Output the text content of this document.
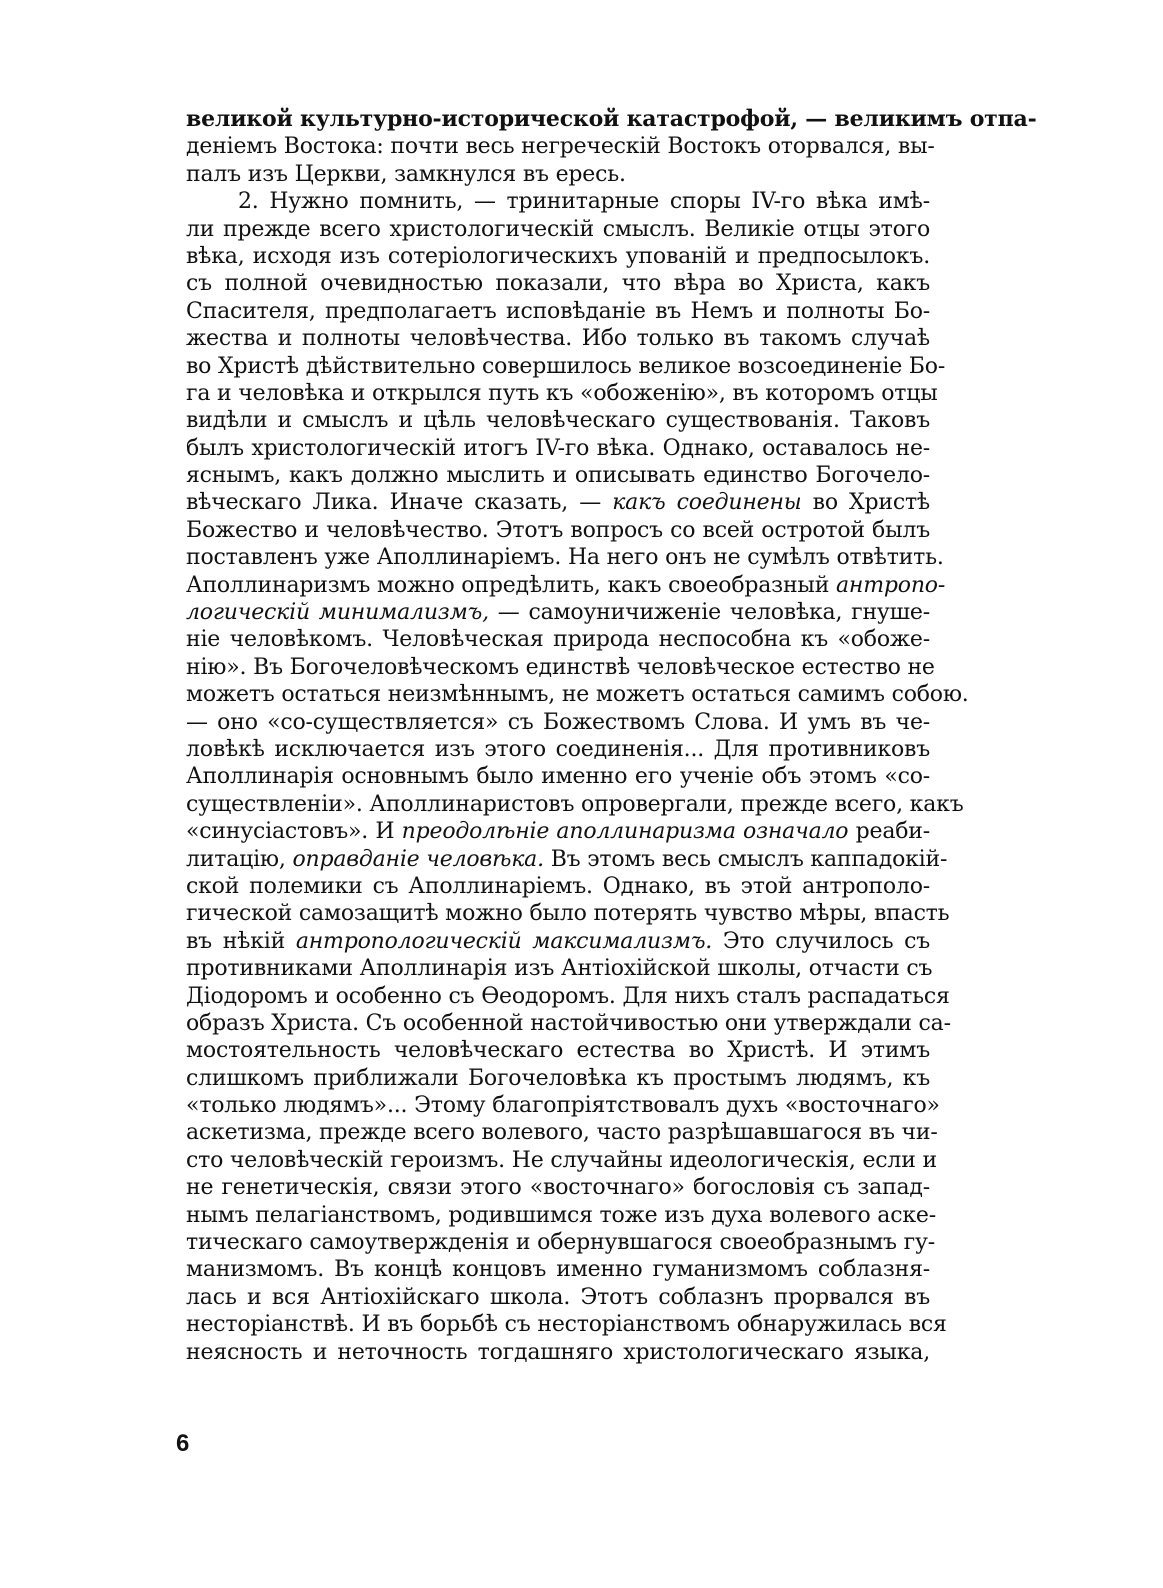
великой культурно-исторической катастрофой, — великимъ отпа-
деніемъ Востока: почти весь негреческій Востокъ оторвался, вы-
палъ изъ Церкви, замкнулся въ ересь.
2. Нужно помнить, — тринитарные споры IV-го вѣка имѣ-
ли прежде всего христологическій смыслъ. Великіе отцы этого
вѣка, исходя изъ сотеріологическихъ упованій и предпосылокъ.
съ полной очевидностью показали, что вѣра во Христа, какъ
Спасителя, предполагаетъ исповѣданіе въ Немъ и полноты Бо-
жества и полноты человѣчества. Ибо только въ такомъ случаѣ
во Христѣ дѣйствительно совершилось великое возсоединеніе Бо-
га и человѣка и открылся путь къ «обоженію», въ которомъ отцы
видѣли и смыслъ и цѣль человѣческаго существованія. Таковъ
былъ христологическій итогъ IV-го вѣка. Однако, оставалось не-
яснымъ, какъ должно мыслить и описывать единство Богочело-
вѣческаго Лика. Иначе сказать, — какъ соединены во Христѣ
Божество и человѣчество. Этотъ вопросъ со всей остротой былъ
поставленъ уже Аполлинаріемъ. На него онъ не сумѣлъ отвѣтить.
Аполлинаризмъ можно опредѣлить, какъ своеобразный антропо-
логическій минимализмъ, — самоуничиженіе человѣка, гнуше-
ніе человѣкомъ. Человѣческая природа неспособна къ «обоже-
нію». Въ Богочеловѣческомъ единствѣ человѣческое естество не
можетъ остаться неизмѣннымъ, не можетъ остаться самимъ собою.
— оно «со-существляется» съ Божествомъ Слова. И умъ въ че-
ловѣкѣ исключается изъ этого соединенія... Для противниковъ
Аполлинарія основнымъ было именно его ученіе объ этомъ «со-
существленіи». Аполлинаристовъ опровергали, прежде всего, какъ
«синусіастовъ». И преодолѣніе аполлинаризма означало реаби-
литацію, оправданіе человѣка. Въ этомъ весь смыслъ каппадокій-
ской полемики съ Аполлинаріемъ. Однако, въ этой антрополо-
гической самозащитѣ можно было потерять чувство мѣры, впасть
въ нѣкій антропологическій максимализмъ. Это случилось съ
противниками Аполлинарія изъ Антіохійской школы, отчасти съ
Діодоромъ и особенно съ Ѳеодоромъ. Для нихъ сталъ распадаться
образъ Христа. Съ особенной настойчивостью они утверждали са-
мостоятельность человѣческаго естества во Христѣ. И этимъ
слишкомъ приближали Богочеловѣка къ простымъ людямъ, къ
«только людямъ»... Этому благопріятствовалъ духъ «восточнаго»
аскетизма, прежде всего волевого, часто разрѣшавшагося въ чи-
сто человѣческій героизмъ. Не случайны идеологическія, если и
не генетическія, связи этого «восточнаго» богословія съ запад-
нымъ пелагіанствомъ, родившимся тоже изъ духа волевого аске-
тическаго самоутвержденія и обернувшагося своеобразнымъ гу-
манизмомъ. Въ концѣ концовъ именно гуманизмомъ соблазня-
лась и вся Антіохійскаго школа. Этотъ соблазнъ прорвался въ
несторіанствѣ. И въ борьбѣ съ несторіанствомъ обнаружилась вся
неясность и неточность тогдашняго христологическаго языка,
6
